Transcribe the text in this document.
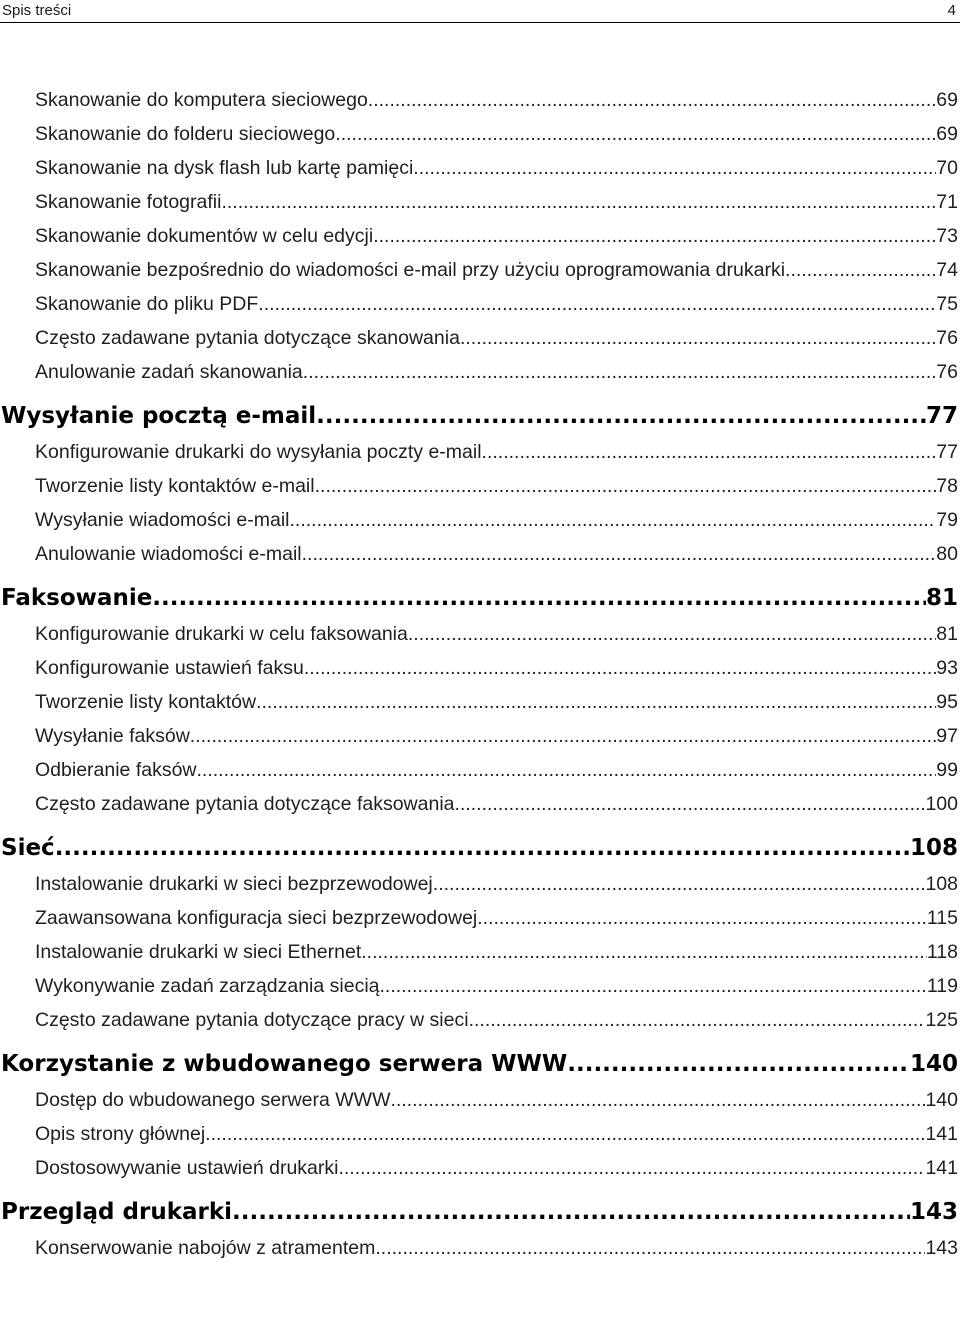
Spis treści	4
Skanowanie do komputera sieciowego .....	69
Skanowanie do folderu sieciowego .....	69
Skanowanie na dysk flash lub kartę pamięci .....	70
Skanowanie fotografii .....	71
Skanowanie dokumentów w celu edycji .....	73
Skanowanie bezpośrednio do wiadomości e-mail przy użyciu oprogramowania drukarki .....	74
Skanowanie do pliku PDF .....	75
Często zadawane pytania dotyczące skanowania .....	76
Anulowanie zadań skanowania .....	76
Wysyłanie pocztą e-mail .....	77
Konfigurowanie drukarki do wysyłania poczty e-mail .....	77
Tworzenie listy kontaktów e-mail .....	78
Wysyłanie wiadomości e-mail .....	79
Anulowanie wiadomości e-mail .....	80
Faksowanie .....	81
Konfigurowanie drukarki w celu faksowania .....	81
Konfigurowanie ustawień faksu .....	93
Tworzenie listy kontaktów .....	95
Wysyłanie faksów .....	97
Odbieranie faksów .....	99
Często zadawane pytania dotyczące faksowania .....	100
Sieć .....	108
Instalowanie drukarki w sieci bezprzewodowej .....	108
Zaawansowana konfiguracja sieci bezprzewodowej .....	115
Instalowanie drukarki w sieci Ethernet .....	118
Wykonywanie zadań zarządzania siecią .....	119
Często zadawane pytania dotyczące pracy w sieci .....	125
Korzystanie z wbudowanego serwera WWW .....	140
Dostęp do wbudowanego serwera WWW .....	140
Opis strony głównej .....	141
Dostosowywanie ustawień drukarki .....	141
Przegląd drukarki .....	143
Konserwowanie nabojów z atramentem .....	143
